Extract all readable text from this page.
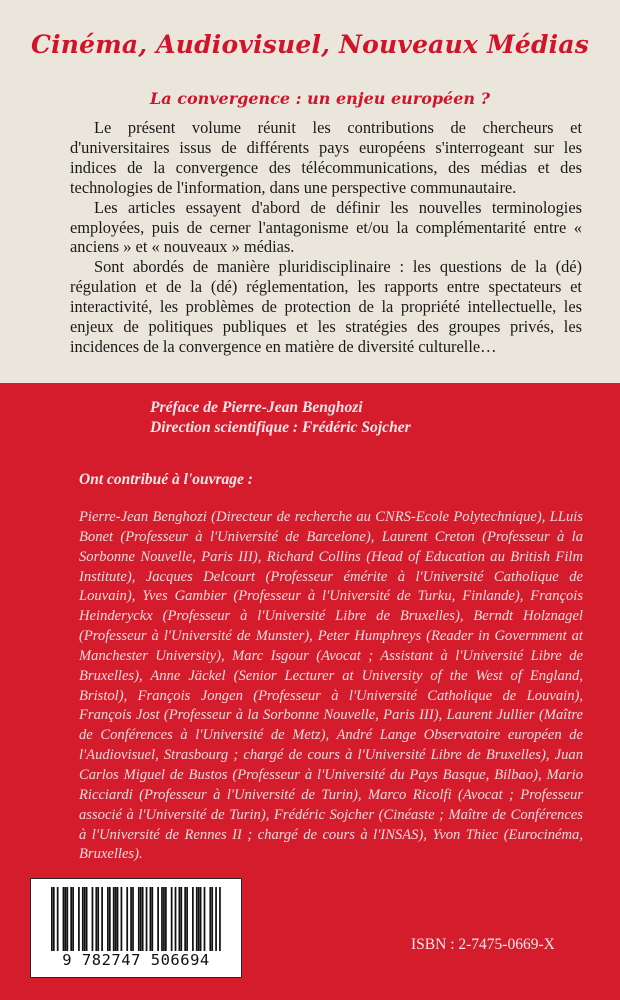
Cinéma, Audiovisuel, Nouveaux Médias
La convergence : un enjeu européen ?

Le présent volume réunit les contributions de chercheurs et d'universitaires issus de différents pays européens s'interrogeant sur les indices de la convergence des télécommunications, des médias et des technologies de l'information, dans une perspective communautaire.

Les articles essayent d'abord de définir les nouvelles terminologies employées, puis de cerner l'antagonisme et/ou la complémentarité entre « anciens » et « nouveaux » médias.

Sont abordés de manière pluridisciplinaire : les questions de la (dé) régulation et de la (dé) réglementation, les rapports entre spectateurs et interactivité, les problèmes de protection de la propriété intellectuelle, les enjeux de politiques publiques et les stratégies des groupes privés, les incidences de la convergence en matière de diversité culturelle…

Préface de Pierre-Jean Benghozi
Direction scientifique : Frédéric Sojcher
Ont contribué à l'ouvrage :
Pierre-Jean Benghozi (Directeur de recherche au CNRS-Ecole Polytechnique), LLuis Bonet (Professeur à l'Université de Barcelone), Laurent Creton (Professeur à la Sorbonne Nouvelle, Paris III), Richard Collins (Head of Education au British Film Institute), Jacques Delcourt (Professeur émérite à l'Université Catholique de Louvain), Yves Gambier (Professeur à l'Université de Turku, Finlande), François Heinderyckx (Professeur à l'Université Libre de Bruxelles), Berndt Holznagel (Professeur à l'Université de Munster), Peter Humphreys (Reader in Government at Manchester University), Marc Isgour (Avocat ; Assistant à l'Université Libre de Bruxelles), Anne Jäckel (Senior Lecturer at University of the West of England, Bristol), François Jongen (Professeur à l'Université Catholique de Louvain), François Jost (Professeur à la Sorbonne Nouvelle, Paris III), Laurent Jullier (Maître de Conférences à l'Université de Metz), André Lange Observatoire européen de l'Audiovisuel, Strasbourg ; chargé de cours à l'Université Libre de Bruxelles), Juan Carlos Miguel de Bustos (Professeur à l'Université du Pays Basque, Bilbao), Mario Ricciardi (Professeur à l'Université de Turin), Marco Ricolfi (Avocat ; Professeur associé à l'Université de Turin), Frédéric Sojcher (Cinéaste ; Maître de Conférences à l'Université de Rennes II ; chargé de cours à l'INSAS), Yvon Thiec (Eurocinéma, Bruxelles).
9 782747 506694
ISBN : 2-7475-0669-X
